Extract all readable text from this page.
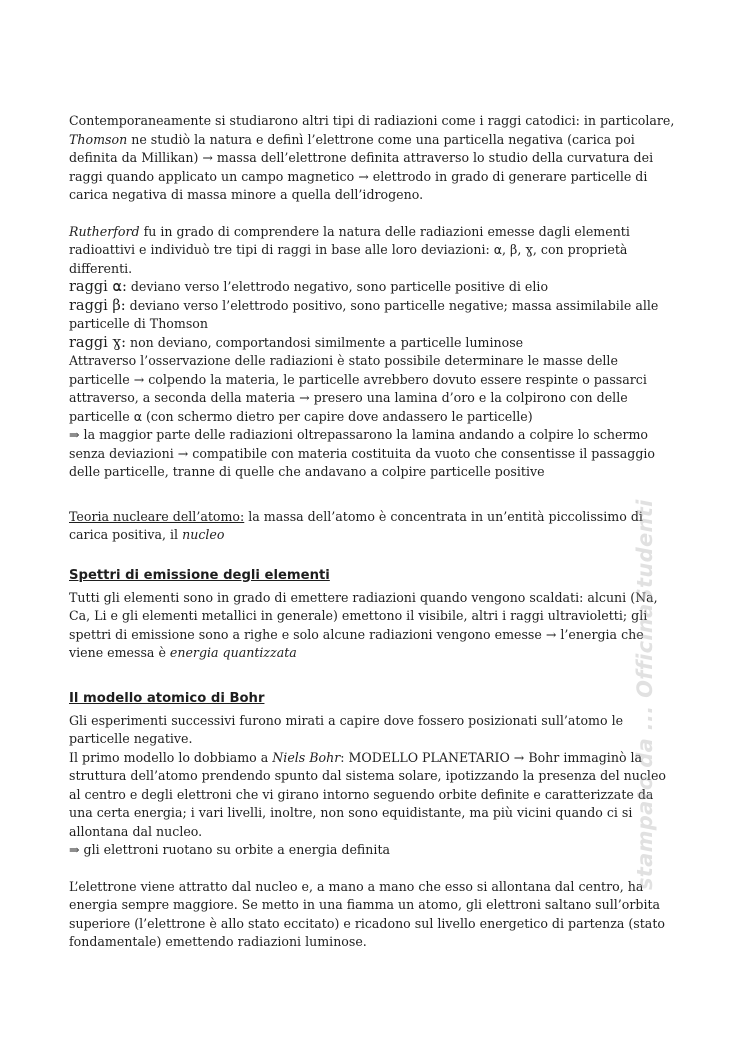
Contemporaneamente si studiarono altri tipi di radiazioni come i raggi catodici: in particolare, Thomson ne studiò la natura e definì l’elettrone come una particella negativa (carica poi definita da Millikan) → massa dell’elettrone definita attraverso lo studio della curvatura dei raggi quando applicato un campo magnetico → elettrodo in grado di generare particelle di carica negativa di massa minore a quella dell’idrogeno.

Rutherford fu in grado di comprendere la natura delle radiazioni emesse dagli elementi radioattivi e individuò tre tipi di raggi in base alle loro deviazioni: ⍺, β, ɣ, con proprietà differenti.

raggi ⍺: deviano verso l’elettrodo negativo, sono particelle positive di elio

raggi β: deviano verso l’elettrodo positivo, sono particelle negative; massa assimilabile alle particelle di Thomson

raggi ɣ: non deviano, comportandosi similmente a particelle luminose

Attraverso l’osservazione delle radiazioni è stato possibile determinare le masse delle particelle → colpendo la materia, le particelle avrebbero dovuto essere respinte o passarci attraverso, a seconda della materia → presero una lamina d’oro e la colpirono con delle particelle ⍺ (con schermo dietro per capire dove andassero le particelle)

⇒ la maggior parte delle radiazioni oltrepassarono la lamina andando a colpire lo schermo senza deviazioni → compatibile con materia costituita da vuoto che consentisse il passaggio delle particelle, tranne di quelle che andavano a colpire particelle positive

Teoria nucleare dell’atomo: la massa dell’atomo è concentrata in un’entità piccolissimo di carica positiva, il nucleo

Spettri di emissione degli elementi

Tutti gli elementi sono in grado di emettere radiazioni quando vengono scaldati: alcuni (Na, Ca, Li e gli elementi metallici in generale) emettono il visibile, altri i raggi ultravioletti; gli spettri di emissione sono a righe e solo alcune radiazioni vengono emesse → l’energia che viene emessa è energia quantizzata

Il modello atomico di Bohr

Gli esperimenti successivi furono mirati a capire dove fossero posizionati sull’atomo le particelle negative.

Il primo modello lo dobbiamo a Niels Bohr: MODELLO PLANETARIO → Bohr immaginò la struttura dell’atomo prendendo spunto dal sistema solare, ipotizzando la presenza del nucleo al centro e degli elettroni che vi girano intorno seguendo orbite definite e caratterizzate da una certa energia; i vari livelli, inoltre, non sono equidistante, ma più vicini quando ci si allontana dal nucleo.

⇒ gli elettroni ruotano su orbite a energia definita

L’elettrone viene attratto dal nucleo e, a mano a mano che esso si allontana dal centro, ha energia sempre maggiore. Se metto in una fiamma un atomo, gli elettroni saltano sull’orbita superiore (l’elettrone è allo stato eccitato) e ricadono sul livello energetico di partenza (stato fondamentale) emettendo radiazioni luminose.

stampato da ... OfficinaStudenti
